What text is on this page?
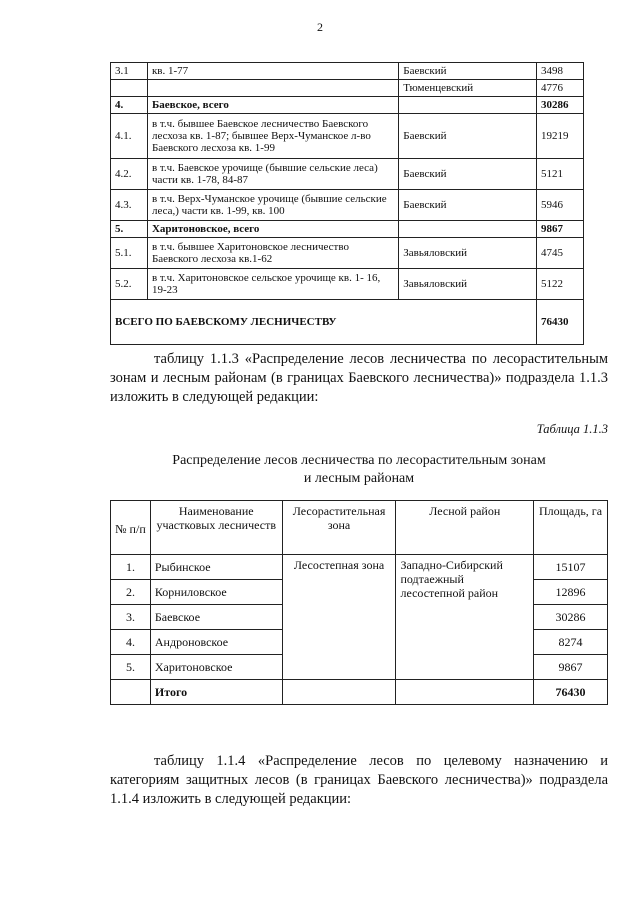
2
3.1	кв. 1-77	Баевский	3498
		Тюменцевский	4776
4.	Баевское, всего		30286
4.1.	в т.ч. бывшее Баевское лесничество Баевского лесхоза кв. 1-87; бывшее Верх-Чуманское л-во Баевского лесхоза кв. 1-99	Баевский	19219
4.2.	в т.ч. Баевское урочище (бывшие сельские леса) части кв. 1-78, 84-87	Баевский	5121
4.3.	в т.ч. Верх-Чуманское урочище (бывшие сельские леса,) части кв. 1-99, кв. 100	Баевский	5946
5.	Харитоновское, всего		9867
5.1.	в т.ч. бывшее Харитоновское лесничество Баевского лесхоза кв.1-62	Завьяловский	4745
5.2.	в т.ч. Харитоновское сельское урочище кв. 1- 16, 19-23	Завьяловский	5122
ВСЕГО ПО БАЕВСКОМУ ЛЕСНИЧЕСТВУ			76430
таблицу 1.1.3 «Распределение лесов лесничества по лесорастительным зонам и лесным районам (в границах Баевского лесничества)» подраздела 1.1.3 изложить в следующей редакции:
Таблица 1.1.3
Распределение лесов лесничества по лесорастительным зонам
и лесным районам
№ п/п	Наименование участковых лесничеств	Лесорастительная зона	Лесной район	Площадь, га
1.	Рыбинское	Лесостепная зона	Западно-Сибирский подтаежный лесостепной район	15107
2.	Корниловское			12896
3.	Баевское			30286
4.	Андроновское			8274
5.	Харитоновское			9867
	Итого			76430
таблицу 1.1.4 «Распределение лесов по целевому назначению и категориям защитных лесов (в границах Баевского лесничества)» подраздела 1.1.4 изложить в следующей редакции:
